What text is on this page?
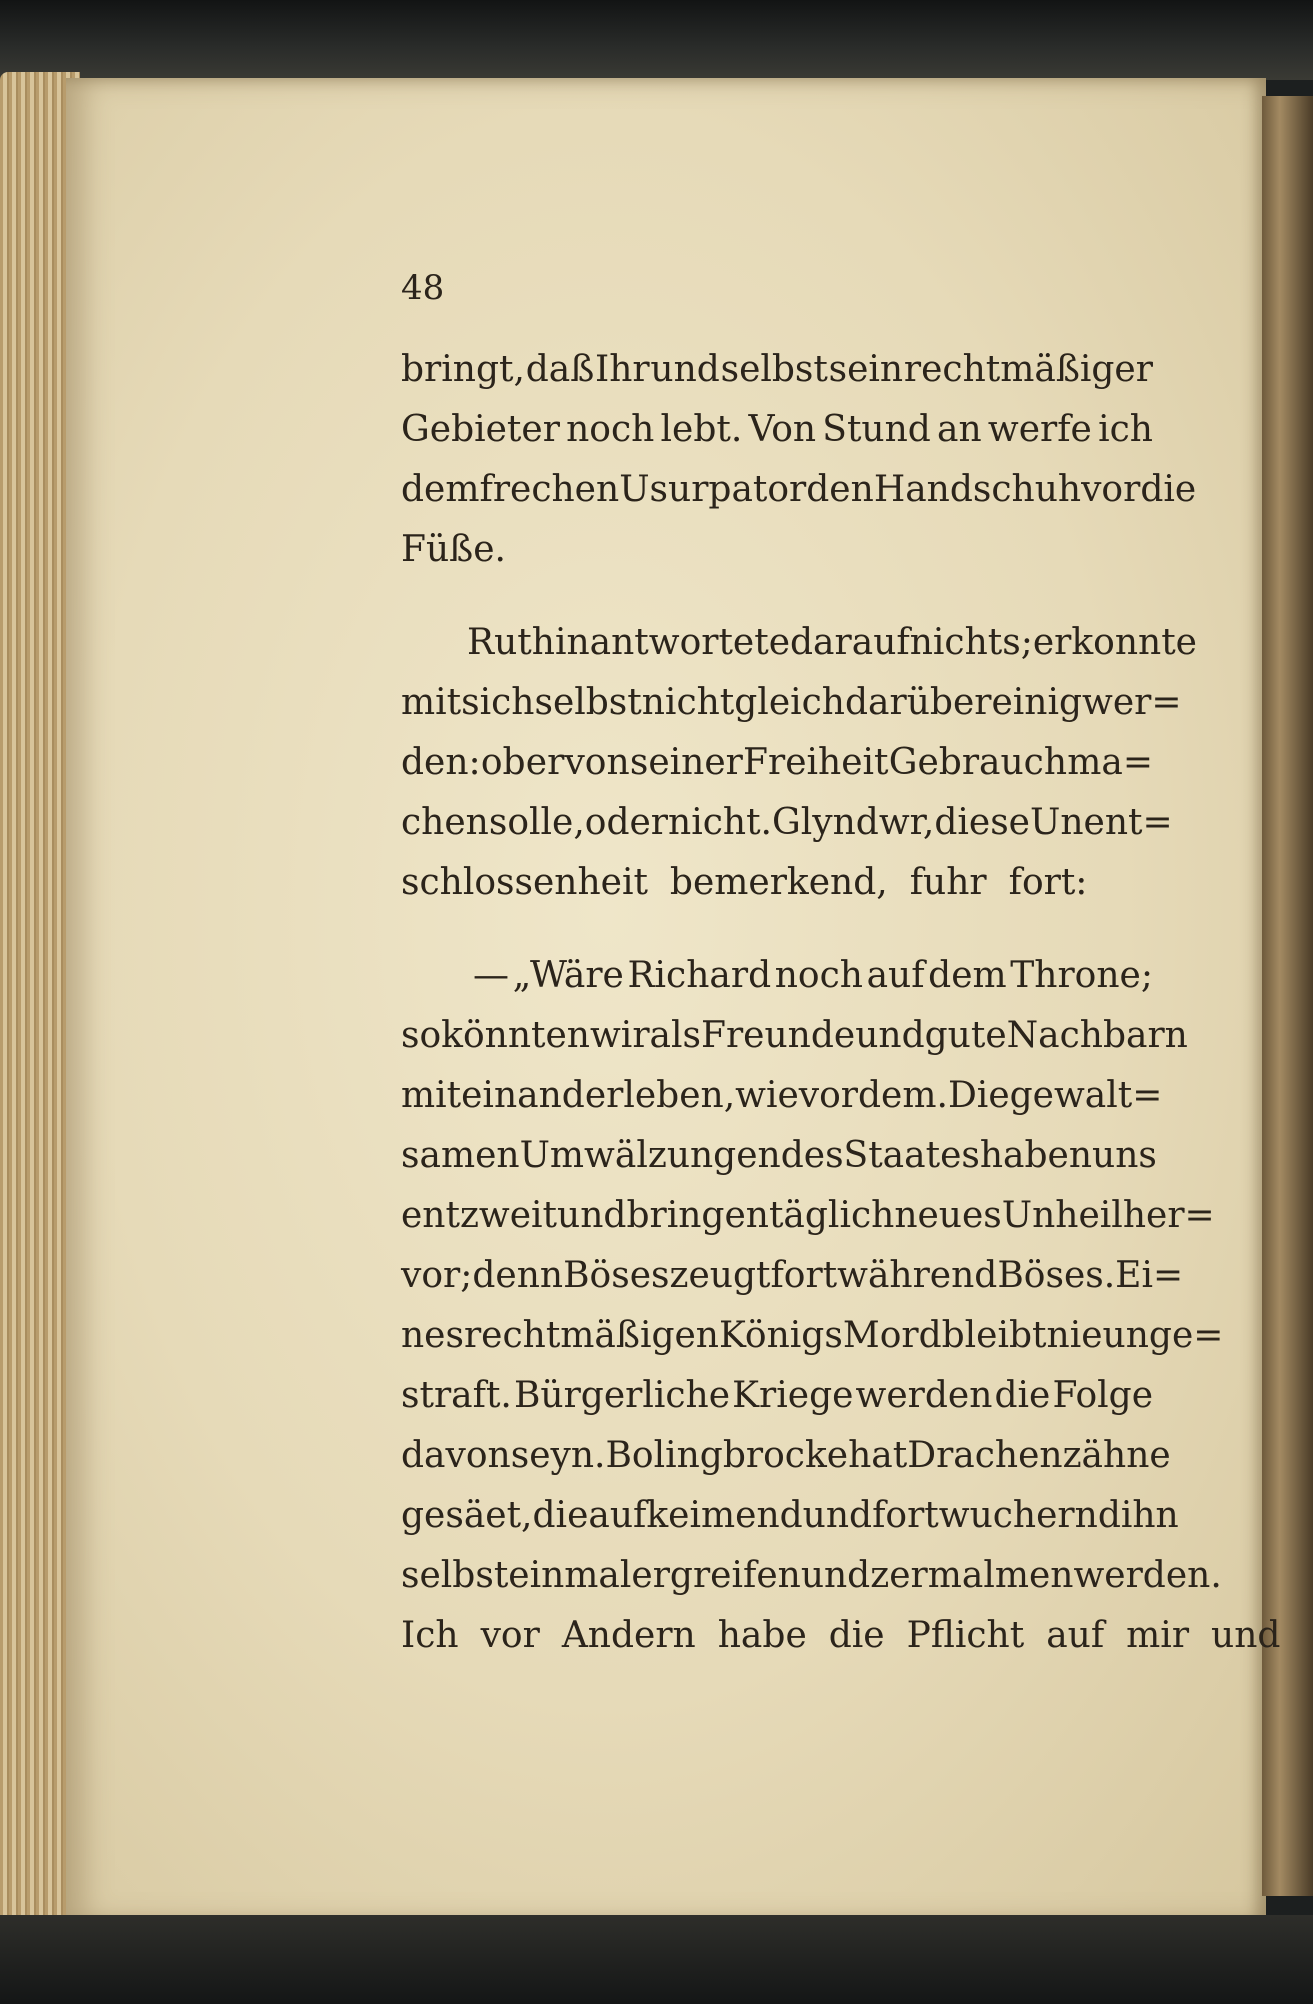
48

bringt, daß Ihr und selbst sein rechtmäßiger
Gebieter noch lebt. Von Stund an werfe ich
dem frechen Usurpator den Handschuh vor die
Füße.
Ruthin antwortete darauf nichts; er konnte
mit sich selbst nicht gleich darüber einig wer=
den: ob er von seiner Freiheit Gebrauch ma=
chen solle, oder nicht. Glyndwr, diese Unent=
schlossenheit bemerkend, fuhr fort:
— „Wäre Richard noch auf dem Throne;
so könnten wir als Freunde und gute Nachbarn
mit einander leben, wie vordem. Die gewalt=
samen Umwälzungen des Staates haben uns
entzweit und bringen täglich neues Unheil her=
vor; denn Böses zeugt fortwährend Böses. Ei=
nes rechtmäßigen Königs Mord bleibt nie unge=
straft. Bürgerliche Kriege werden die Folge
davon seyn. Bolingbrocke hat Drachenzähne
gesäet, die aufkeimend und fortwuchernd ihn
selbst einmal ergreifen und zermalmen werden.
Ich vor Andern habe die Pflicht auf mir und
